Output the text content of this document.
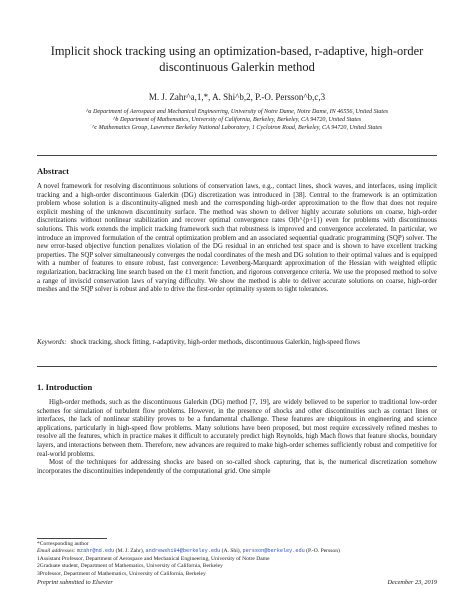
Implicit shock tracking using an optimization-based, r-adaptive, high-order
discontinuous Galerkin method
M. J. Zahr^a,1,*, A. Shi^b,2, P.-O. Persson^b,c,3
^a Department of Aerospace and Mechanical Engineering, University of Notre Dame, Notre Dame, IN 46556, United States
^b Department of Mathematics, University of California, Berkeley, Berkeley, CA 94720, United States
^c Mathematics Group, Lawrence Berkeley National Laboratory, 1 Cyclotron Road, Berkeley, CA 94720, United States
Abstract
A novel framework for resolving discontinuous solutions of conservation laws, e.g., contact lines, shock waves, and interfaces, using implicit tracking and a high-order discontinuous Galerkin (DG) discretization was introduced in [38]. Central to the framework is an optimization problem whose solution is a discontinuity-aligned mesh and the corresponding high-order approximation to the flow that does not require explicit meshing of the unknown discontinuity surface. The method was shown to deliver highly accurate solutions on coarse, high-order discretizations without nonlinear stabilization and recover optimal convergence rates O(h^{p+1}) even for problems with discontinuous solutions. This work extends the implicit tracking framework such that robustness is improved and convergence accelerated. In particular, we introduce an improved formulation of the central optimization problem and an associated sequential quadratic programming (SQP) solver. The new error-based objective function penalizes violation of the DG residual in an enriched test space and is shown to have excellent tracking properties. The SQP solver simultaneously converges the nodal coordinates of the mesh and DG solution to their optimal values and is equipped with a number of features to ensure robust, fast convergence: Levenberg-Marquardt approximation of the Hessian with weighted elliptic regularization, backtracking line search based on the ℓ1 merit function, and rigorous convergence criteria. We use the proposed method to solve a range of inviscid conservation laws of varying difficulty. We show the method is able to deliver accurate solutions on coarse, high-order meshes and the SQP solver is robust and able to drive the first-order optimality system to tight tolerances.
Keywords: shock tracking, shock fitting, r-adaptivity, high-order methods, discontinuous Galerkin, high-speed flows
1. Introduction

High-order methods, such as the discontinuous Galerkin (DG) method [7, 19], are widely believed to be superior to traditional low-order schemes for simulation of turbulent flow problems. However, in the presence of shocks and other discontinuities such as contact lines or interfaces, the lack of nonlinear stability proves to be a fundamental challenge. These features are ubiquitous in engineering and science applications, particularly in high-speed flow problems. Many solutions have been proposed, but most require excessively refined meshes to resolve all the features, which in practice makes it difficult to accurately predict high Reynolds, high Mach flows that feature shocks, boundary layers, and interactions between them. Therefore, new advances are required to make high-order schemes sufficiently robust and competitive for real-world problems.

Most of the techniques for addressing shocks are based on so-called shock capturing, that is, the numerical discretization somehow incorporates the discontinuities independently of the computational grid. One simple

*Corresponding author
Email addresses: mzahr@nd.edu (M. J. Zahr), andrewshi94@berkeley.edu (A. Shi), persson@berkeley.edu (P.-O. Persson)
1Assistant Professor, Department of Aerospace and Mechanical Engineering, University of Notre Dame
2Graduate student, Department of Mathematics, University of California, Berkeley
3Professor, Department of Mathematics, University of California, Berkeley
Preprint submitted to Elsevier	December 23, 2019
